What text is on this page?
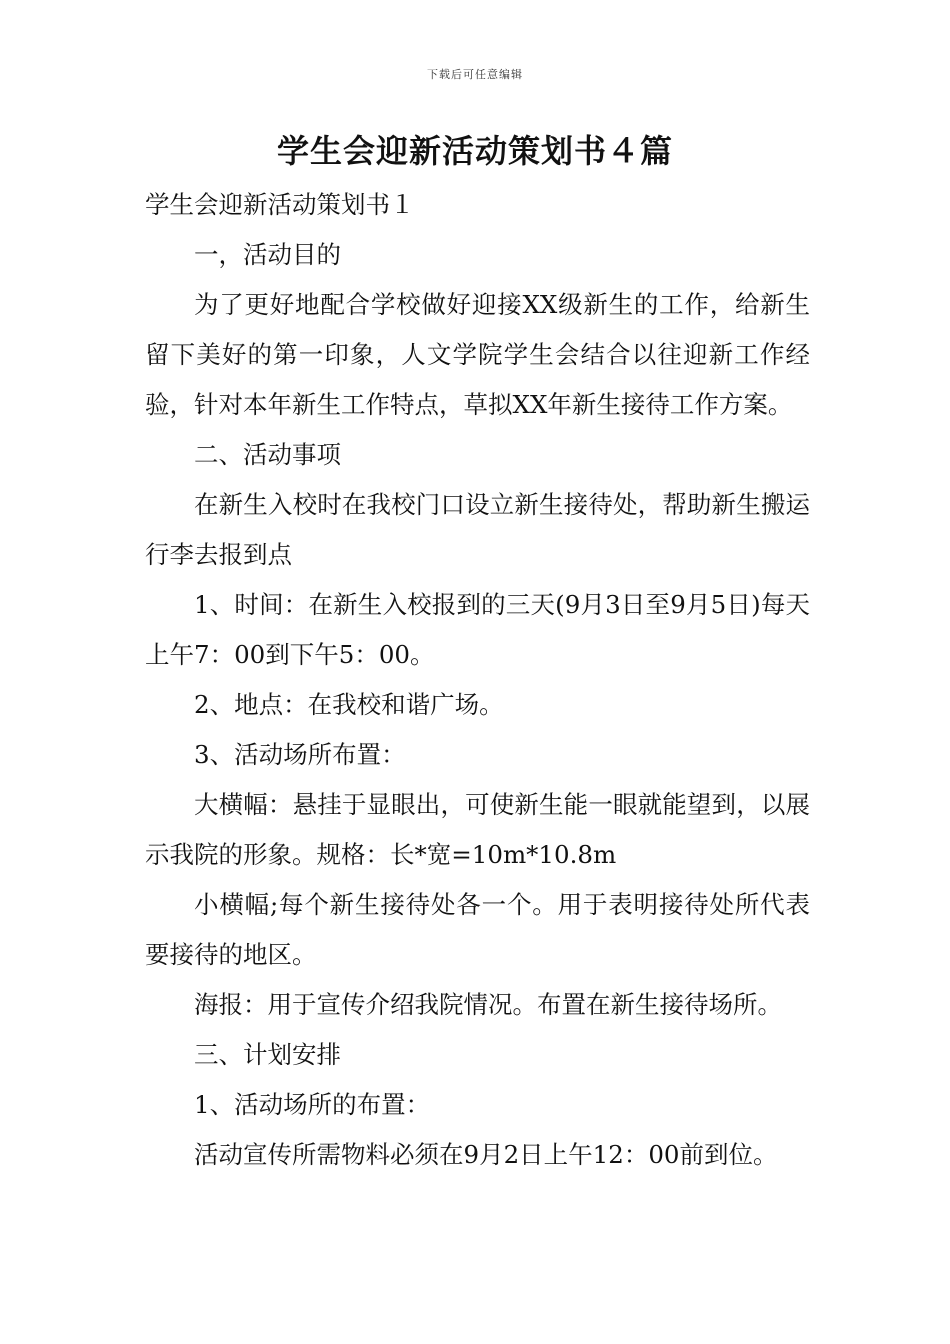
下载后可任意编辑
学生会迎新活动策划书４篇

学生会迎新活动策划书１

一，活动目的

为了更好地配合学校做好迎接XX级新生的工作，给新生留下美好的第一印象，人文学院学生会结合以往迎新工作经验，针对本年新生工作特点，草拟XX年新生接待工作方案。

二、活动事项

在新生入校时在我校门口设立新生接待处，帮助新生搬运行李去报到点

1、时间：在新生入校报到的三天(9月3日至9月5日)每天上午7：00到下午5：00。

2、地点：在我校和谐广场。

3、活动场所布置：

大横幅：悬挂于显眼出，可使新生能一眼就能望到，以展示我院的形象。规格：长*宽=10m*10.8m

小横幅;每个新生接待处各一个。用于表明接待处所代表要接待的地区。

海报：用于宣传介绍我院情况。布置在新生接待场所。

三、计划安排

1、活动场所的布置：

活动宣传所需物料必须在9月2日上午12：00前到位。
